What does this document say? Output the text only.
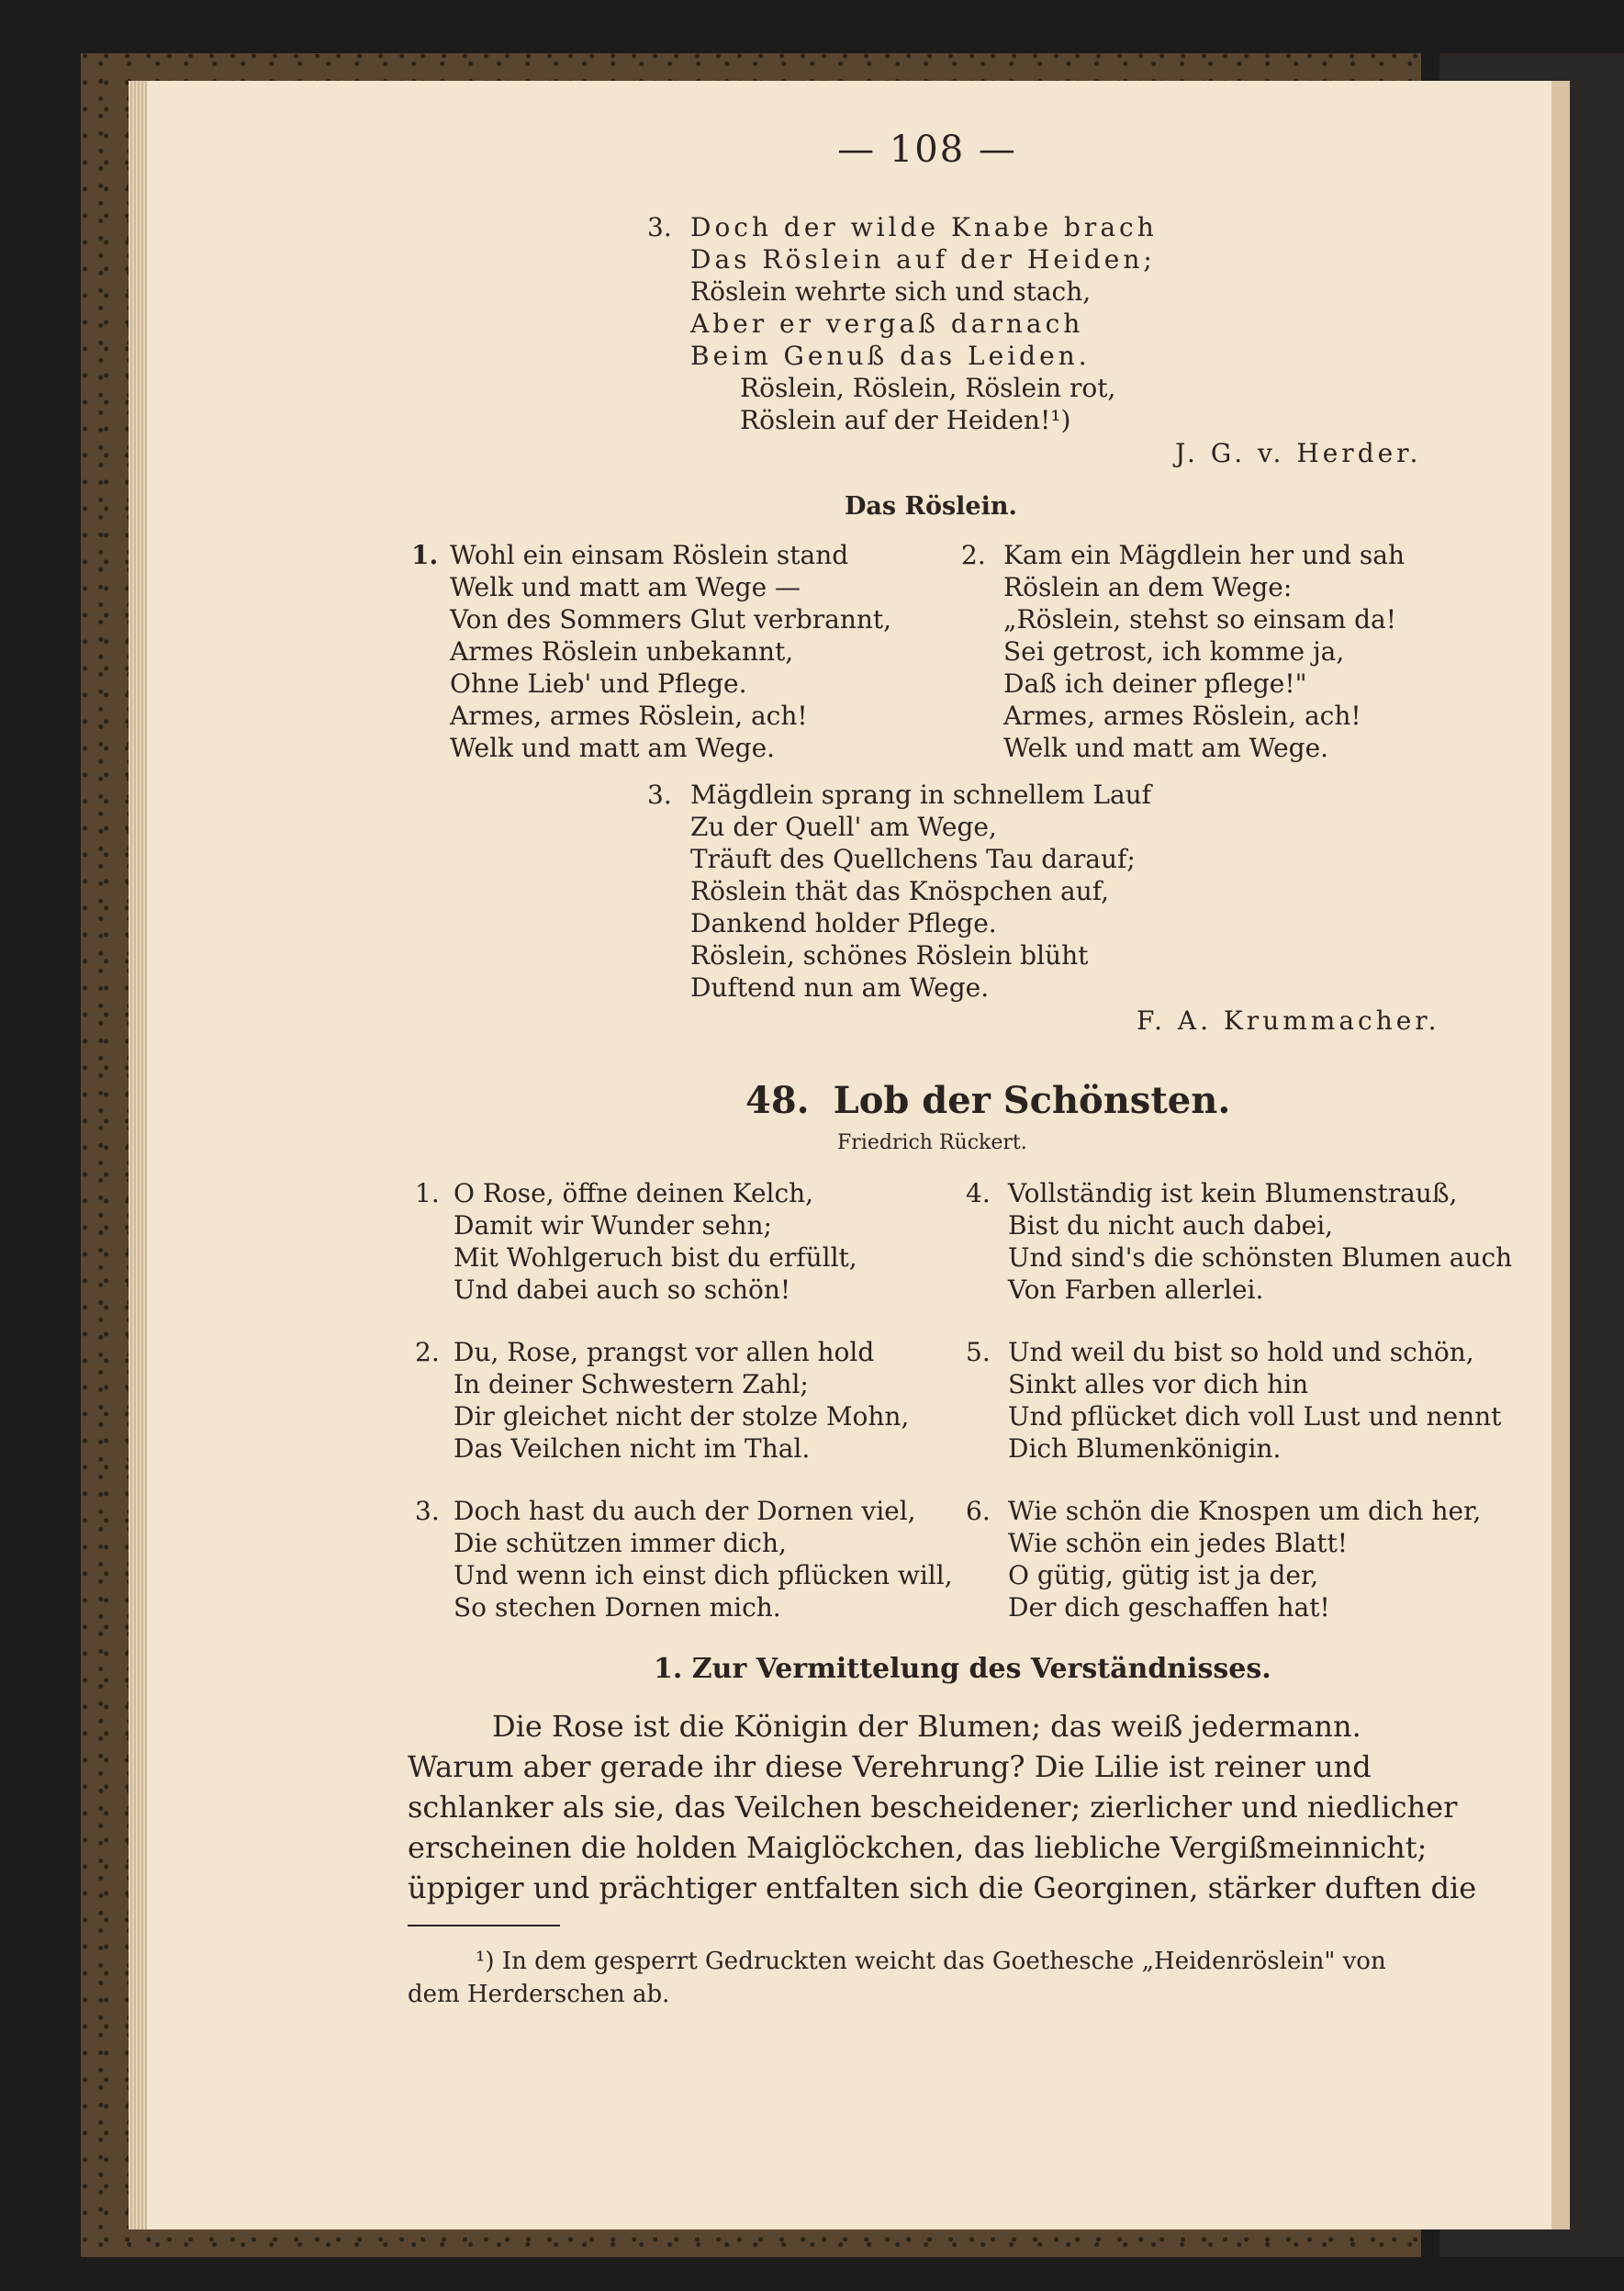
— 108 —
3. Doch der wilde Knabe brach
Das Röslein auf der Heiden;
Röslein wehrte sich und stach,
Aber er vergaß darnach
Beim Genuß das Leiden.
Röslein, Röslein, Röslein rot,
Röslein auf der Heiden!¹)
J. G. v. Herder.
Das Röslein.
1. Wohl ein einsam Röslein stand
Welk und matt am Wege —
Von des Sommers Glut verbrannt,
Armes Röslein unbekannt,
Ohne Lieb' und Pflege.
Armes, armes Röslein, ach!
Welk und matt am Wege.
2. Kam ein Mägdlein her und sah
Röslein an dem Wege:
„Röslein, stehst so einsam da!
Sei getrost, ich komme ja,
Daß ich deiner pflege!"
Armes, armes Röslein, ach!
Welk und matt am Wege.
3. Mägdlein sprang in schnellem Lauf
Zu der Quell' am Wege,
Träuft des Quellchens Tau darauf;
Röslein thät das Knöspchen auf,
Dankend holder Pflege.
Röslein, schönes Röslein blüht
Duftend nun am Wege.
F. A. Krummacher.
48. Lob der Schönsten.
Friedrich Rückert.
1. O Rose, öffne deinen Kelch,
Damit wir Wunder sehn;
Mit Wohlgeruch bist du erfüllt,
Und dabei auch so schön!
2. Du, Rose, prangst vor allen hold
In deiner Schwestern Zahl;
Dir gleichet nicht der stolze Mohn,
Das Veilchen nicht im Thal.
3. Doch hast du auch der Dornen viel,
Die schützen immer dich,
Und wenn ich einst dich pflücken will,
So stechen Dornen mich.
4. Vollständig ist kein Blumenstrauß,
Bist du nicht auch dabei,
Und sind's die schönsten Blumen auch
Von Farben allerlei.
5. Und weil du bist so hold und schön,
Sinkt alles vor dich hin
Und pflücket dich voll Lust und nennt
Dich Blumenkönigin.
6. Wie schön die Knospen um dich her,
Wie schön ein jedes Blatt!
O gütig, gütig ist ja der,
Der dich geschaffen hat!
1. Zur Vermittelung des Verständnisses.
Die Rose ist die Königin der Blumen; das weiß jedermann.
Warum aber gerade ihr diese Verehrung? Die Lilie ist reiner und
schlanker als sie, das Veilchen bescheidener; zierlicher und niedlicher
erscheinen die holden Maiglöckchen, das liebliche Vergißmeinnicht;
üppiger und prächtiger entfalten sich die Georginen, stärker duften die
¹) In dem gesperrt Gedruckten weicht das Goethesche „Heidenröslein" von
dem Herderschen ab.
